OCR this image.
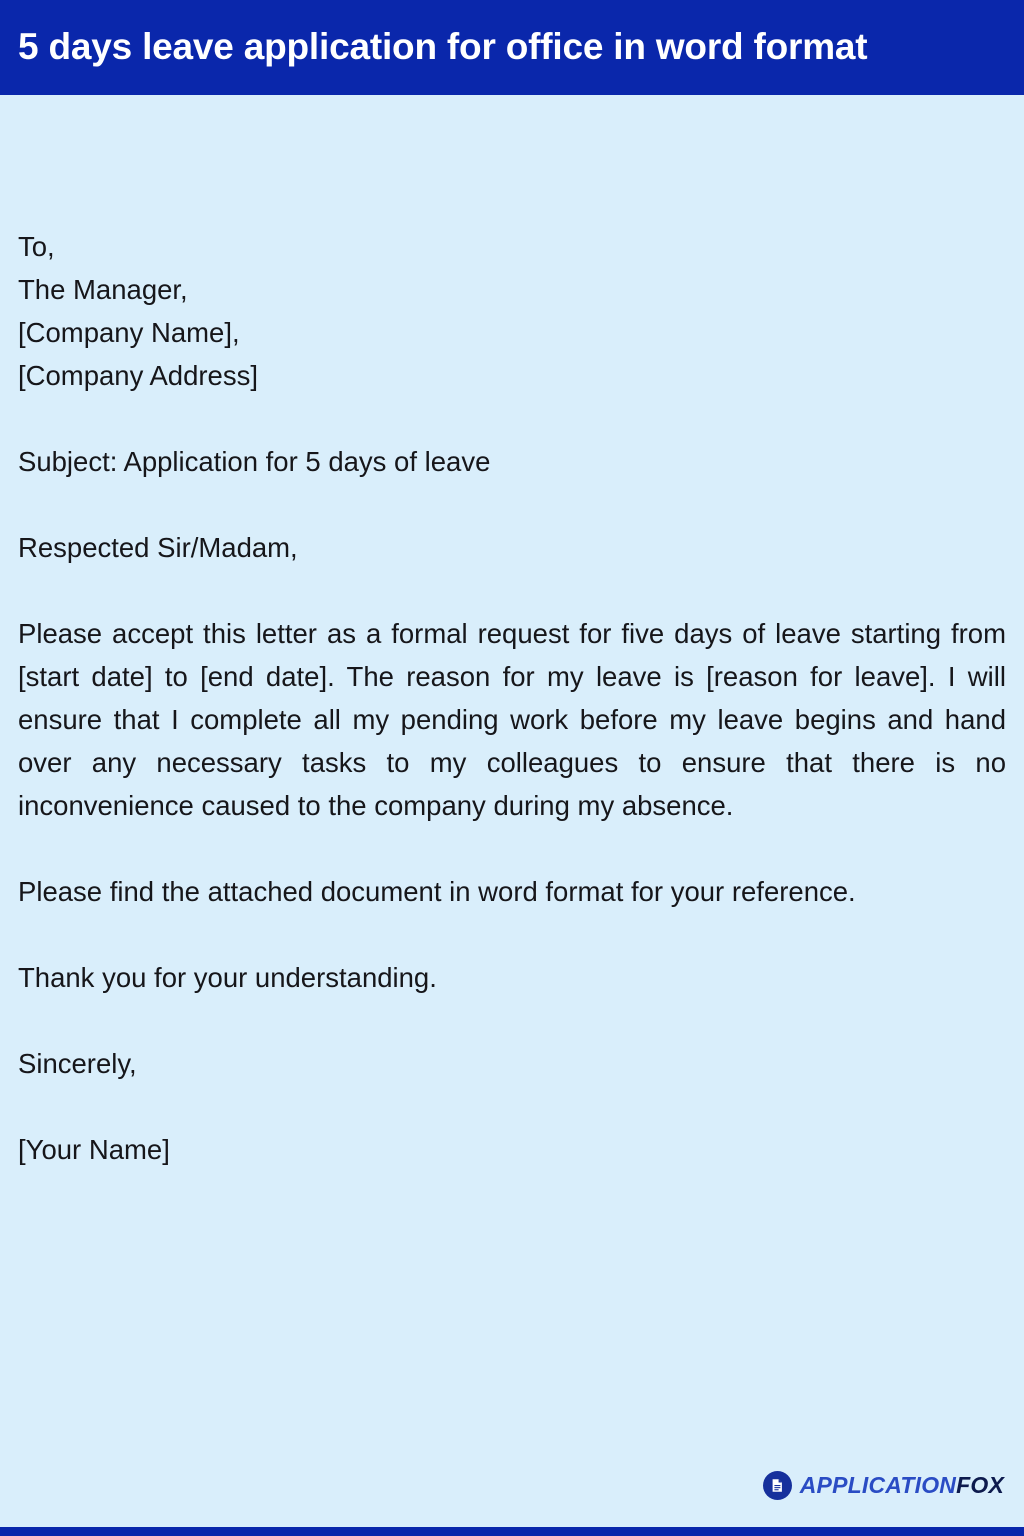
5 days leave application for office in word format
To,
The Manager,
[Company Name],
[Company Address]
Subject: Application for 5 days of leave
Respected Sir/Madam,

Please accept this letter as a formal request for five days of leave starting from [start date] to [end date]. The reason for my leave is [reason for leave]. I will ensure that I complete all my pending work before my leave begins and hand over any necessary tasks to my colleagues to ensure that there is no inconvenience caused to the company during my absence.

Please find the attached document in word format for your reference.

Thank you for your understanding.
Sincerely,
[Your Name]
APPLICATIONFOX
